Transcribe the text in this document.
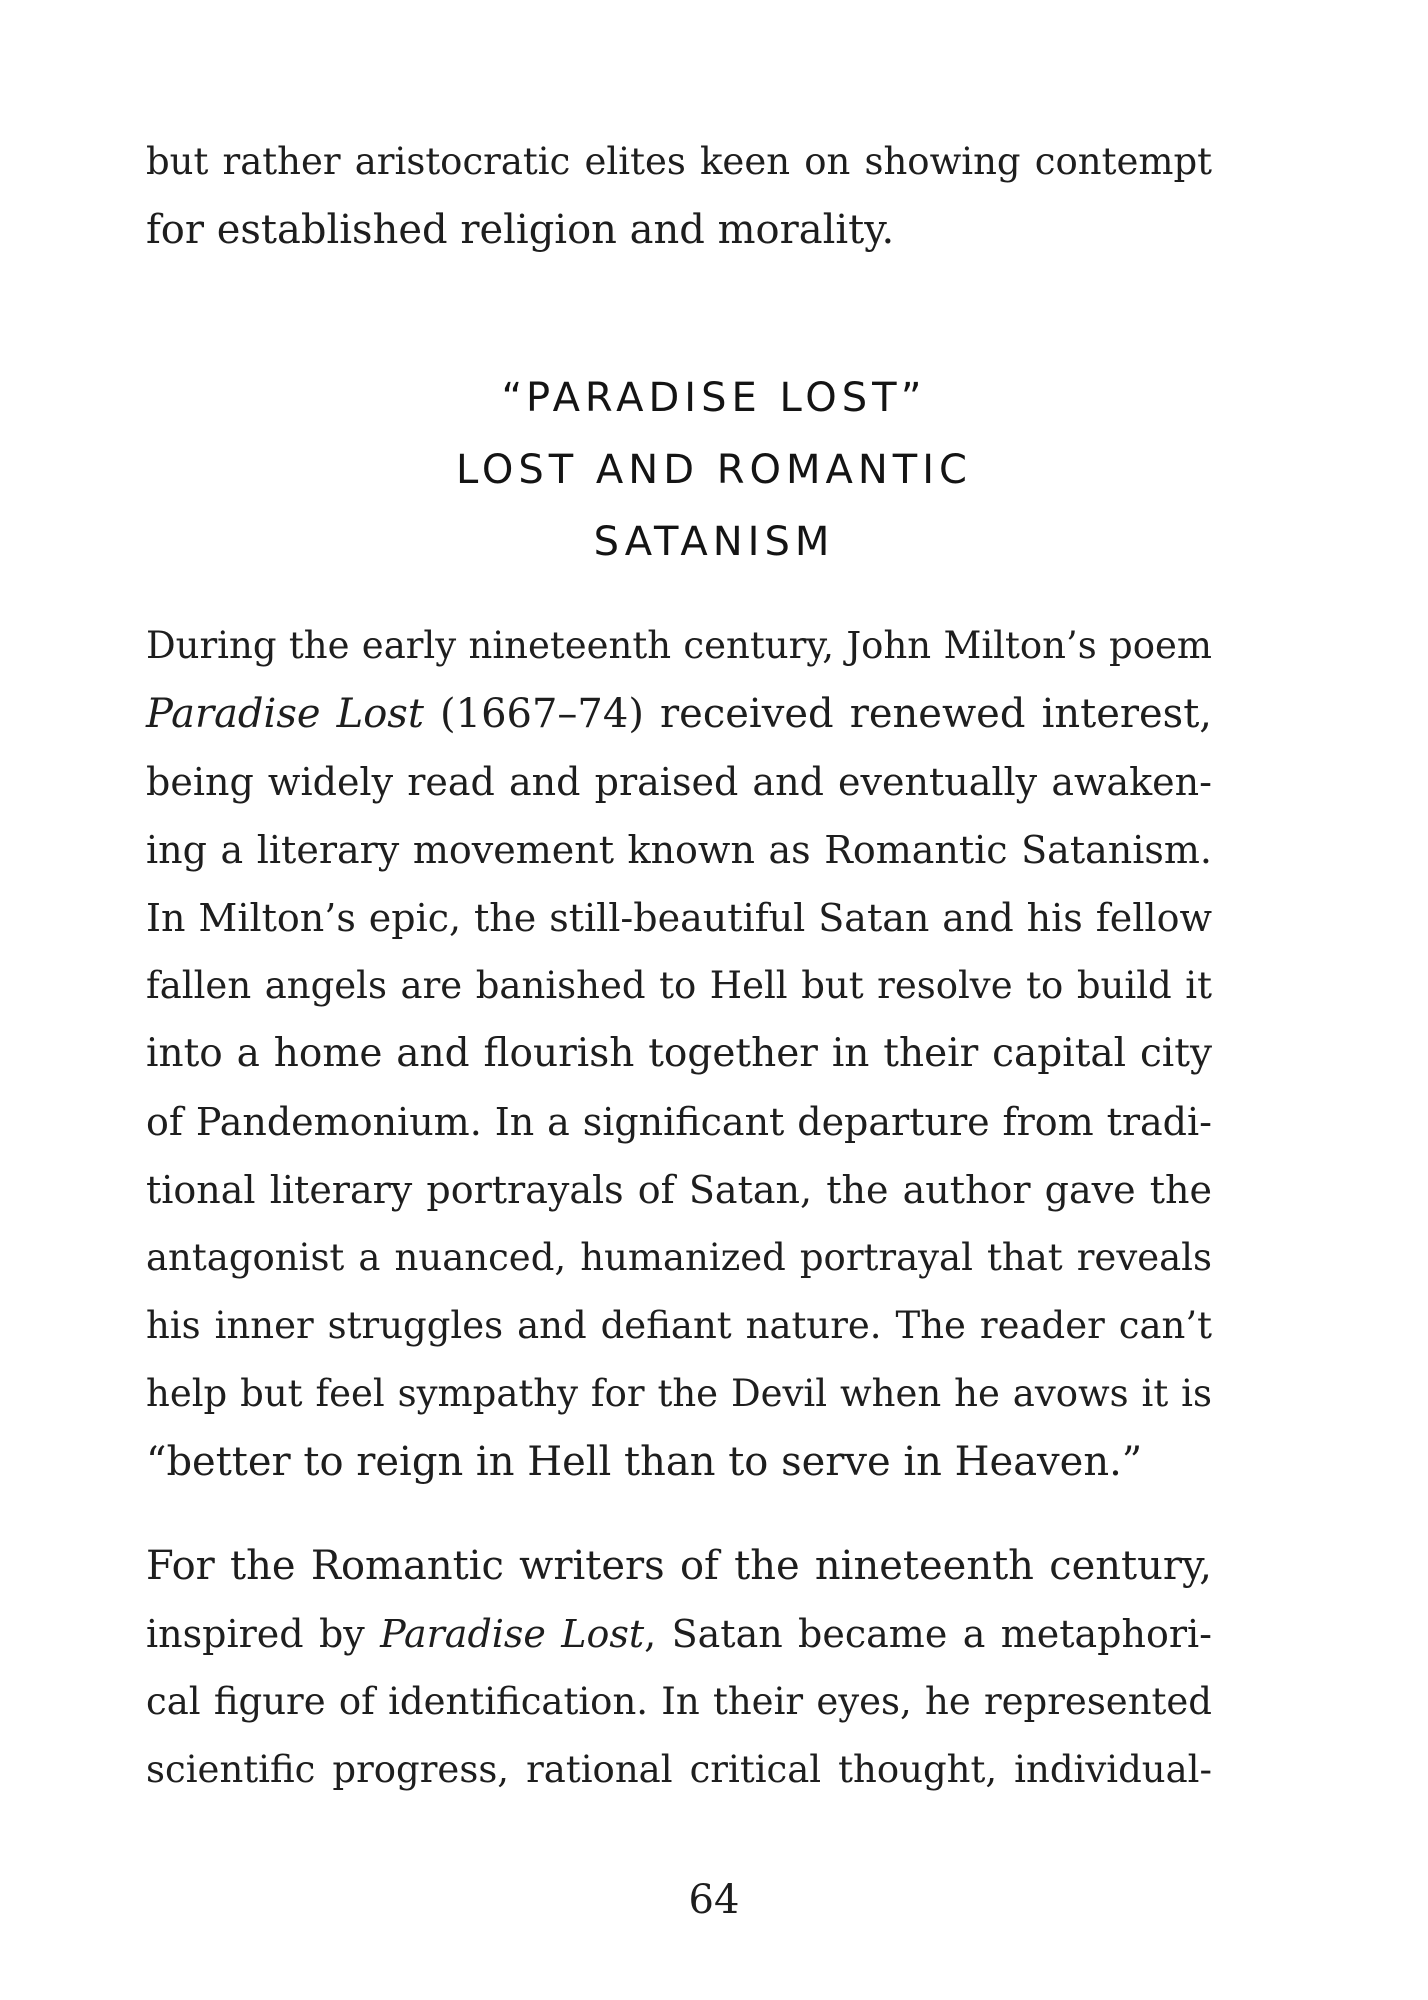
but rather aristocratic elites keen on showing contempt
for established religion and morality.
“PARADISE LOST”
LOST AND ROMANTIC
SATANISM
During the early nineteenth century, John Milton’s poem
Paradise Lost (1667–74) received renewed interest,
being widely read and praised and eventually awaken-
ing a literary movement known as Romantic Satanism.
In Milton’s epic, the still-beautiful Satan and his fellow
fallen angels are banished to Hell but resolve to build it
into a home and flourish together in their capital city
of Pandemonium. In a significant departure from tradi-
tional literary portrayals of Satan, the author gave the
antagonist a nuanced, humanized portrayal that reveals
his inner struggles and defiant nature. The reader can’t
help but feel sympathy for the Devil when he avows it is
“better to reign in Hell than to serve in Heaven.”
For the Romantic writers of the nineteenth century,
inspired by Paradise Lost, Satan became a metaphori-
cal figure of identification. In their eyes, he represented
scientific progress, rational critical thought, individual-
64
